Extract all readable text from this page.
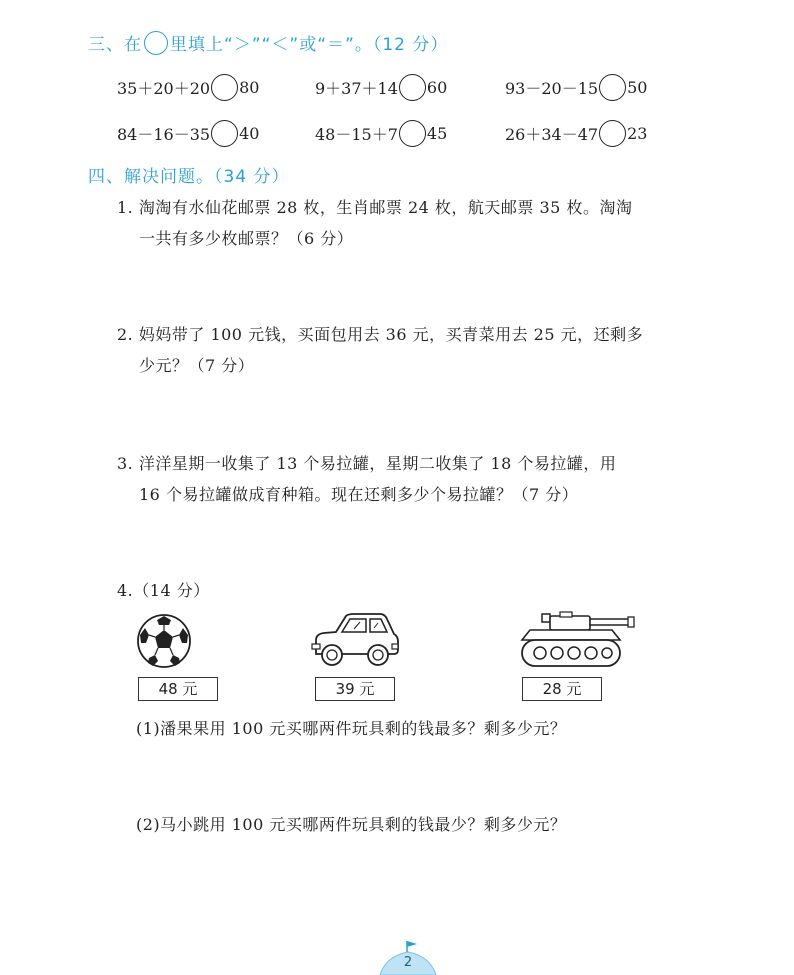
三、在 里填上“＞”“＜”或“＝”。（12 分）
35＋20＋20 80	9＋37＋14 60	93－20－15 50
84－16－35 40	48－15＋7 45	26＋34－47 23
四、解决问题。（34 分）
1. 淘淘有水仙花邮票 28 枚，生肖邮票 24 枚，航天邮票 35 枚。淘淘
一共有多少枚邮票？（6 分）
2. 妈妈带了 100 元钱，买面包用去 36 元，买青菜用去 25 元，还剩多
少元？（7 分）
3. 洋洋星期一收集了 13 个易拉罐，星期二收集了 18 个易拉罐，用
16 个易拉罐做成育种箱。现在还剩多少个易拉罐？（7 分）
4.（14 分）
48 元	39 元	28 元
(1)潘果果用 100 元买哪两件玩具剩的钱最多？剩多少元？
(2)马小跳用 100 元买哪两件玩具剩的钱最少？剩多少元？
2
